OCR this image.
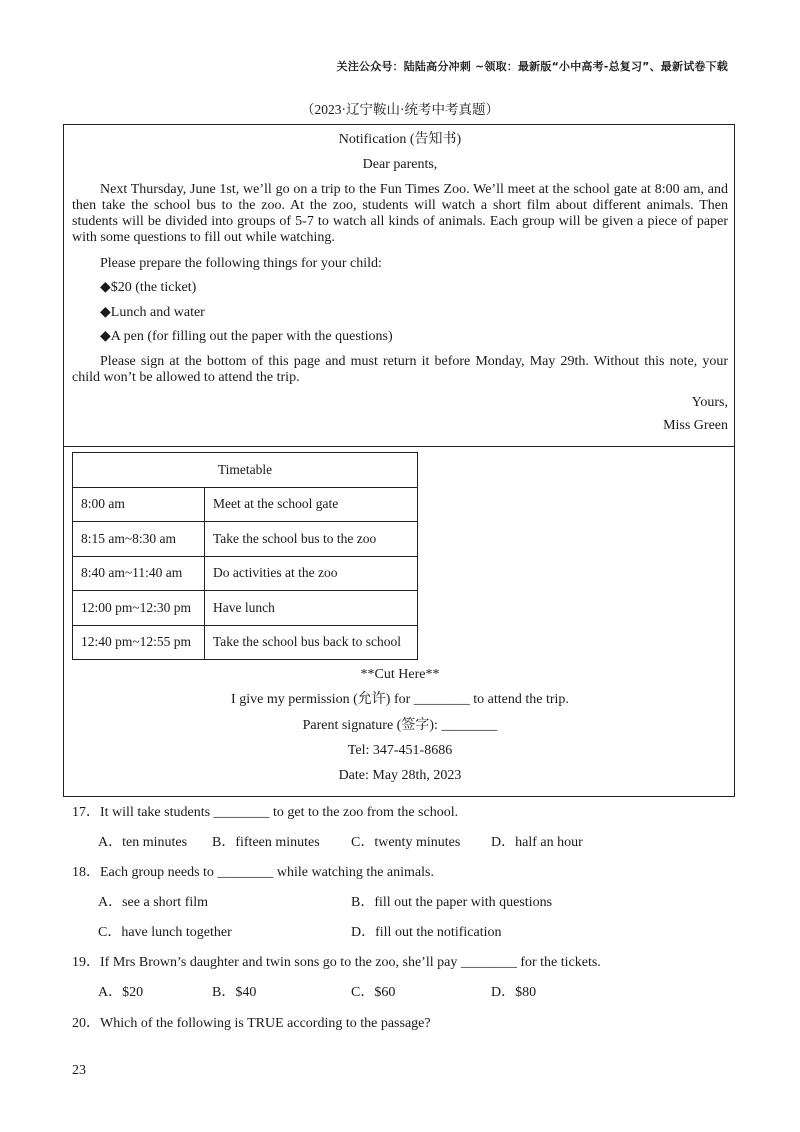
关注公众号：陆陆高分冲刺 ~领取：最新版“小中高考-总复习”、最新试卷下载
（2023·辽宁鞍山·统考中考真题）
Notification (告知书)
Dear parents,
Next Thursday, June 1st, we’ll go on a trip to the Fun Times Zoo. We’ll meet at the school gate at 8:00 am, and
then take the school bus to the zoo. At the zoo, students will watch a short film about different animals. Then
students will be divided into groups of 5-7 to watch all kinds of animals. Each group will be given a piece of paper
with some questions to fill out while watching.
Please prepare the following things for your child:
◆$20 (the ticket)
◆Lunch and water
◆A pen (for filling out the paper with the questions)
Please sign at the bottom of this page and must return it before Monday, May 29th. Without this note, your
child won’t be allowed to attend the trip.
Yours,
Miss Green
Timetable	
8:00 am	Meet at the school gate
8:15 am~8:30 am	Take the school bus to the zoo
8:40 am~11:40 am	Do activities at the zoo
12:00 pm~12:30 pm	Have lunch
12:40 pm~12:55 pm	Take the school bus back to school
**Cut Here**
I give my permission (允许) for ________ to attend the trip.
Parent signature (签字): ________
Tel: 347-451-8686
Date: May 28th, 2023
17．It will take students ________ to get to the zoo from the school.
A．ten minutes B．fifteen minutes C．twenty minutes D．half an hour
18．Each group needs to ________ while watching the animals.
A．see a short film	B．fill out the paper with questions
C．have lunch together	D．fill out the notification
19．If Mrs Brown’s daughter and twin sons go to the zoo, she’ll pay ________ for the tickets.
A．$20	B．$40	C．$60	D．$80
20．Which of the following is TRUE according to the passage?
23
